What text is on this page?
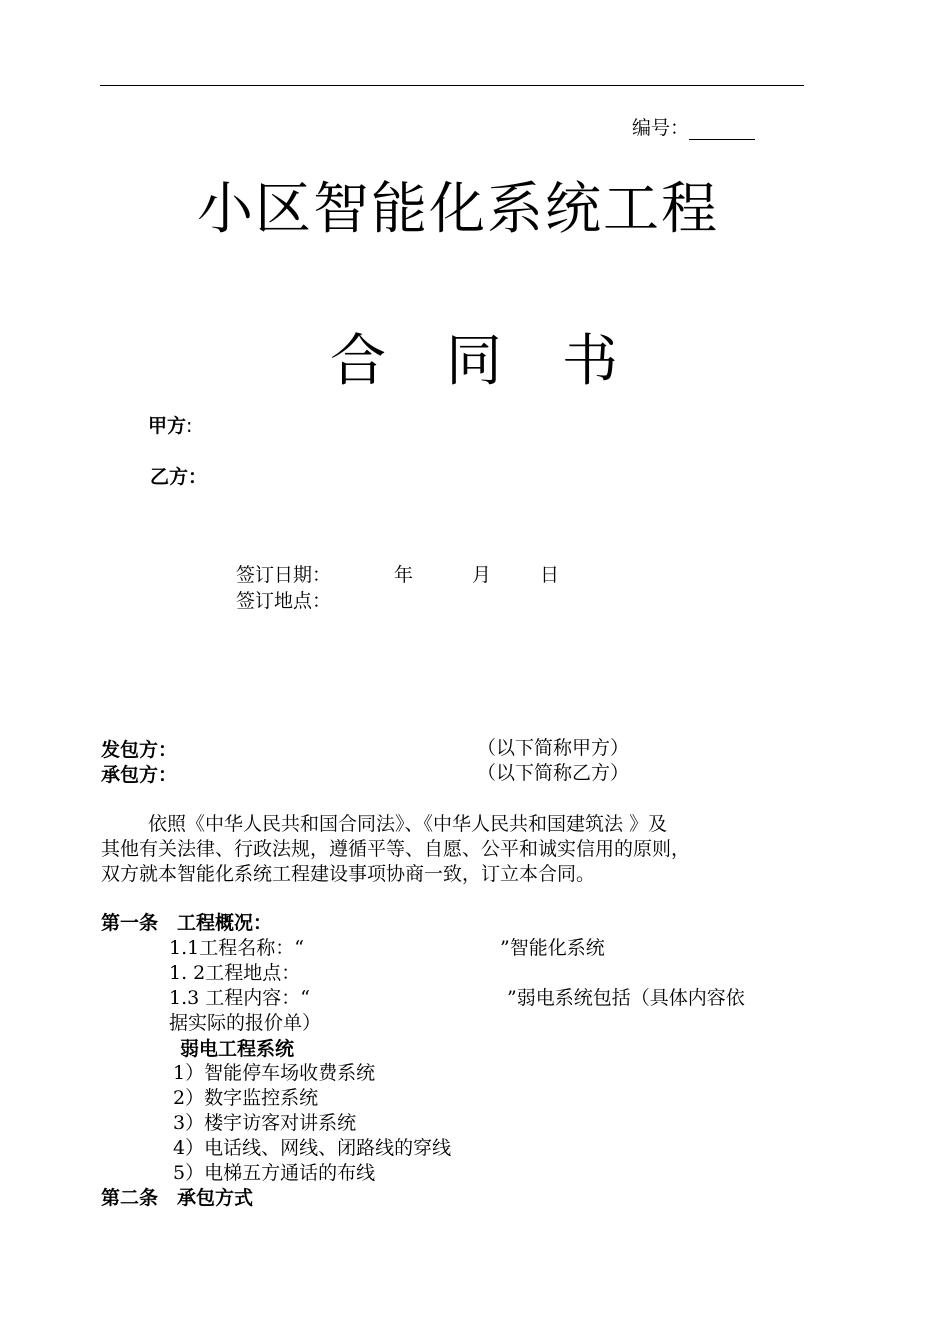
编号：
小区智能化系统工程
合 同 书
甲方:
乙方：
签订日期：	年	月	日
签订地点：
发包方：	（以下简称甲方）
承包方：	（以下简称乙方）
依照《中华人民共和国合同法》、《中华人民共和国建筑法 》及
其他有关法律、行政法规，遵循平等、自愿、公平和诚实信用的原则，
双方就本智能化系统工程建设事项协商一致，订立本合同。
第一条　工程概况：
1.1工程名称：“	”智能化系统
1. 2工程地点：
1.3 工程内容：“	”弱电系统包括（具体内容依
据实际的报价单）
弱电工程系统
1）智能停车场收费系统
2）数字监控系统
3）楼宇访客对讲系统
4）电话线、网线、闭路线的穿线
5）电梯五方通话的布线
第二条　承包方式
